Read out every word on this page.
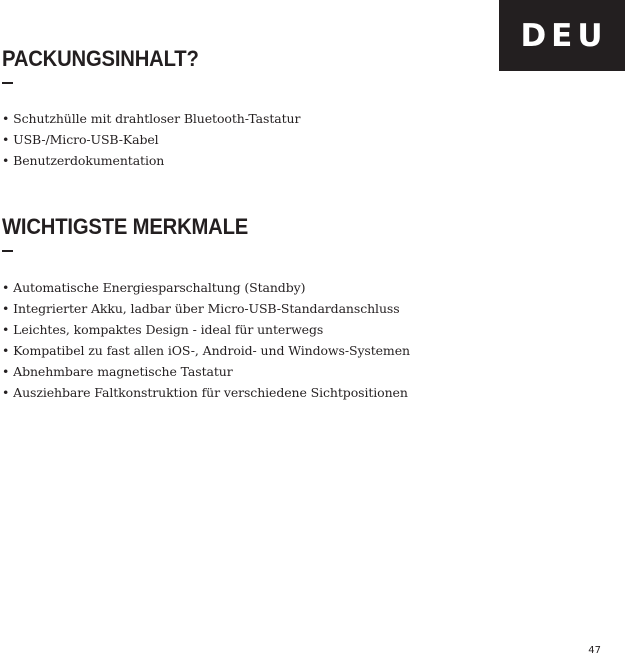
DEU
PACKUNGSINHALT?
• Schutzhülle mit drahtloser Bluetooth-Tastatur
• USB-/Micro-USB-Kabel
• Benutzerdokumentation
WICHTIGSTE MERKMALE
• Automatische Energiesparschaltung (Standby)
• Integrierter Akku, ladbar über Micro-USB-Standardanschluss
• Leichtes, kompaktes Design - ideal für unterwegs
• Kompatibel zu fast allen iOS-, Android- und Windows-Systemen
• Abnehmbare magnetische Tastatur
• Ausziehbare Faltkonstruktion für verschiedene Sichtpositionen
47
